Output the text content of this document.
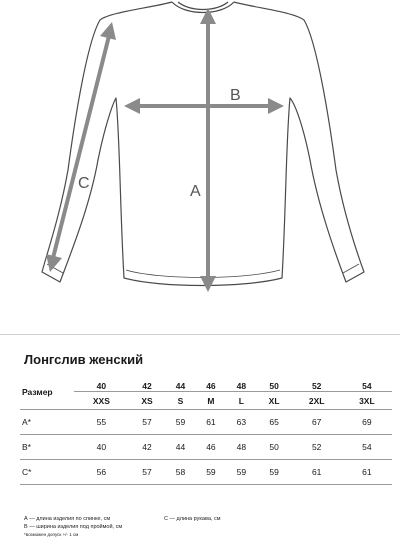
A
B
C
Лонгслив женский
Размер	40	42	44	46	48	50	52	54
	XXS	XS	S	M	L	XL	2XL	3XL
A*	55	57	59	61	63	65	67	69
B*	40	42	44	46	48	50	52	54
C*	56	57	58	59	59	59	61	61
А — длина изделия по спинке, см	С — длина рукава, см
В — ширина изделия под проймой, см
*возможен допуск +/- 1 см
